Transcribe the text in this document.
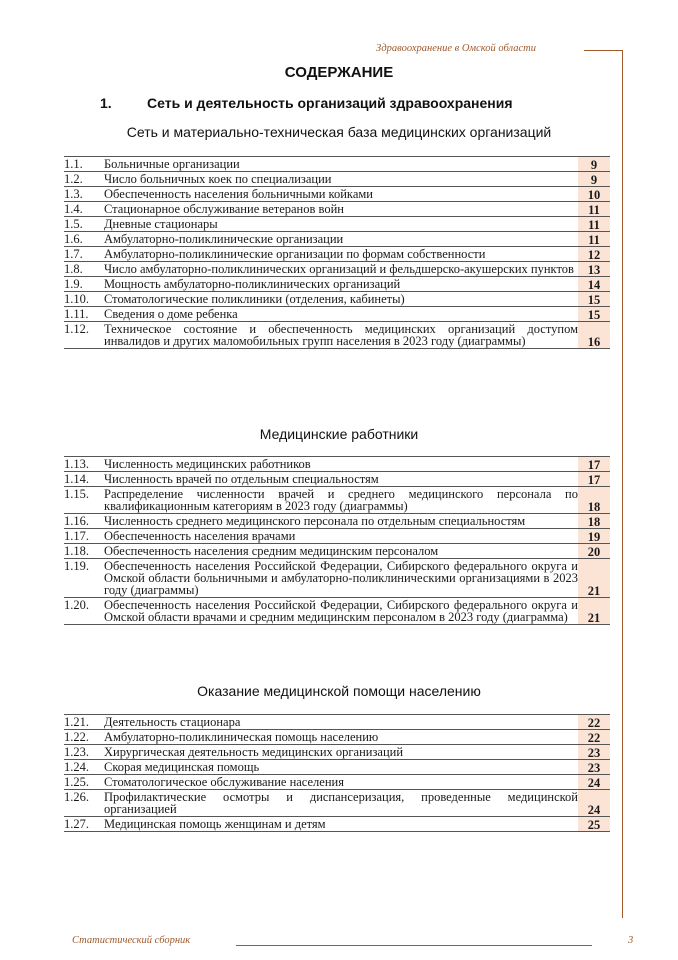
Здравоохранение в Омской области
СОДЕРЖАНИЕ
1.	Сеть и деятельность организаций здравоохранения
Сеть и материально-техническая база медицинских организаций
1.1.	Больничные организации	9
1.2.	Число больничных коек по специализации	9
1.3.	Обеспеченность населения больничными койками	10
1.4.	Стационарное обслуживание ветеранов войн	11
1.5.	Дневные стационары	11
1.6.	Амбулаторно-поликлинические организации	11
1.7.	Амбулаторно-поликлинические организации по формам собственности	12
1.8.	Число амбулаторно-поликлинических организаций и фельдшерско-акушерских пунктов	13
1.9.	Мощность амбулаторно-поликлинических организаций	14
1.10.	Стоматологические поликлиники (отделения, кабинеты)	15
1.11.	Сведения о доме ребенка	15
1.12.	Техническое состояние и обеспеченность медицинских организаций доступом инвалидов и других маломобильных групп населения в 2023 году (диаграммы)	16
Медицинские работники
1.13.	Численность медицинских работников	17
1.14.	Численность врачей по отдельным специальностям	17
1.15.	Распределение численности врачей и среднего медицинского персонала по квалификационным категориям в 2023 году (диаграммы)	18
1.16.	Численность среднего медицинского персонала по отдельным специальностям	18
1.17.	Обеспеченность населения врачами	19
1.18.	Обеспеченность населения средним медицинским персоналом	20
1.19.	Обеспеченность населения Российской Федерации, Сибирского федерального округа и Омской области больничными и амбулаторно-поликлиническими организациями в 2023 году (диаграммы)	21
1.20.	Обеспеченность населения Российской Федерации, Сибирского федерального округа и Омской области врачами и средним медицинским персоналом в 2023 году (диаграмма)	21
Оказание медицинской помощи населению
1.21.	Деятельность стационара	22
1.22.	Амбулаторно-поликлиническая помощь населению	22
1.23.	Хирургическая деятельность медицинских организаций	23
1.24.	Скорая медицинская помощь	23
1.25.	Стоматологическое обслуживание населения	24
1.26.	Профилактические осмотры и диспансеризация, проведенные медицинской организацией	24
1.27.	Медицинская помощь женщинам и детям	25
Статистический сборник	3
